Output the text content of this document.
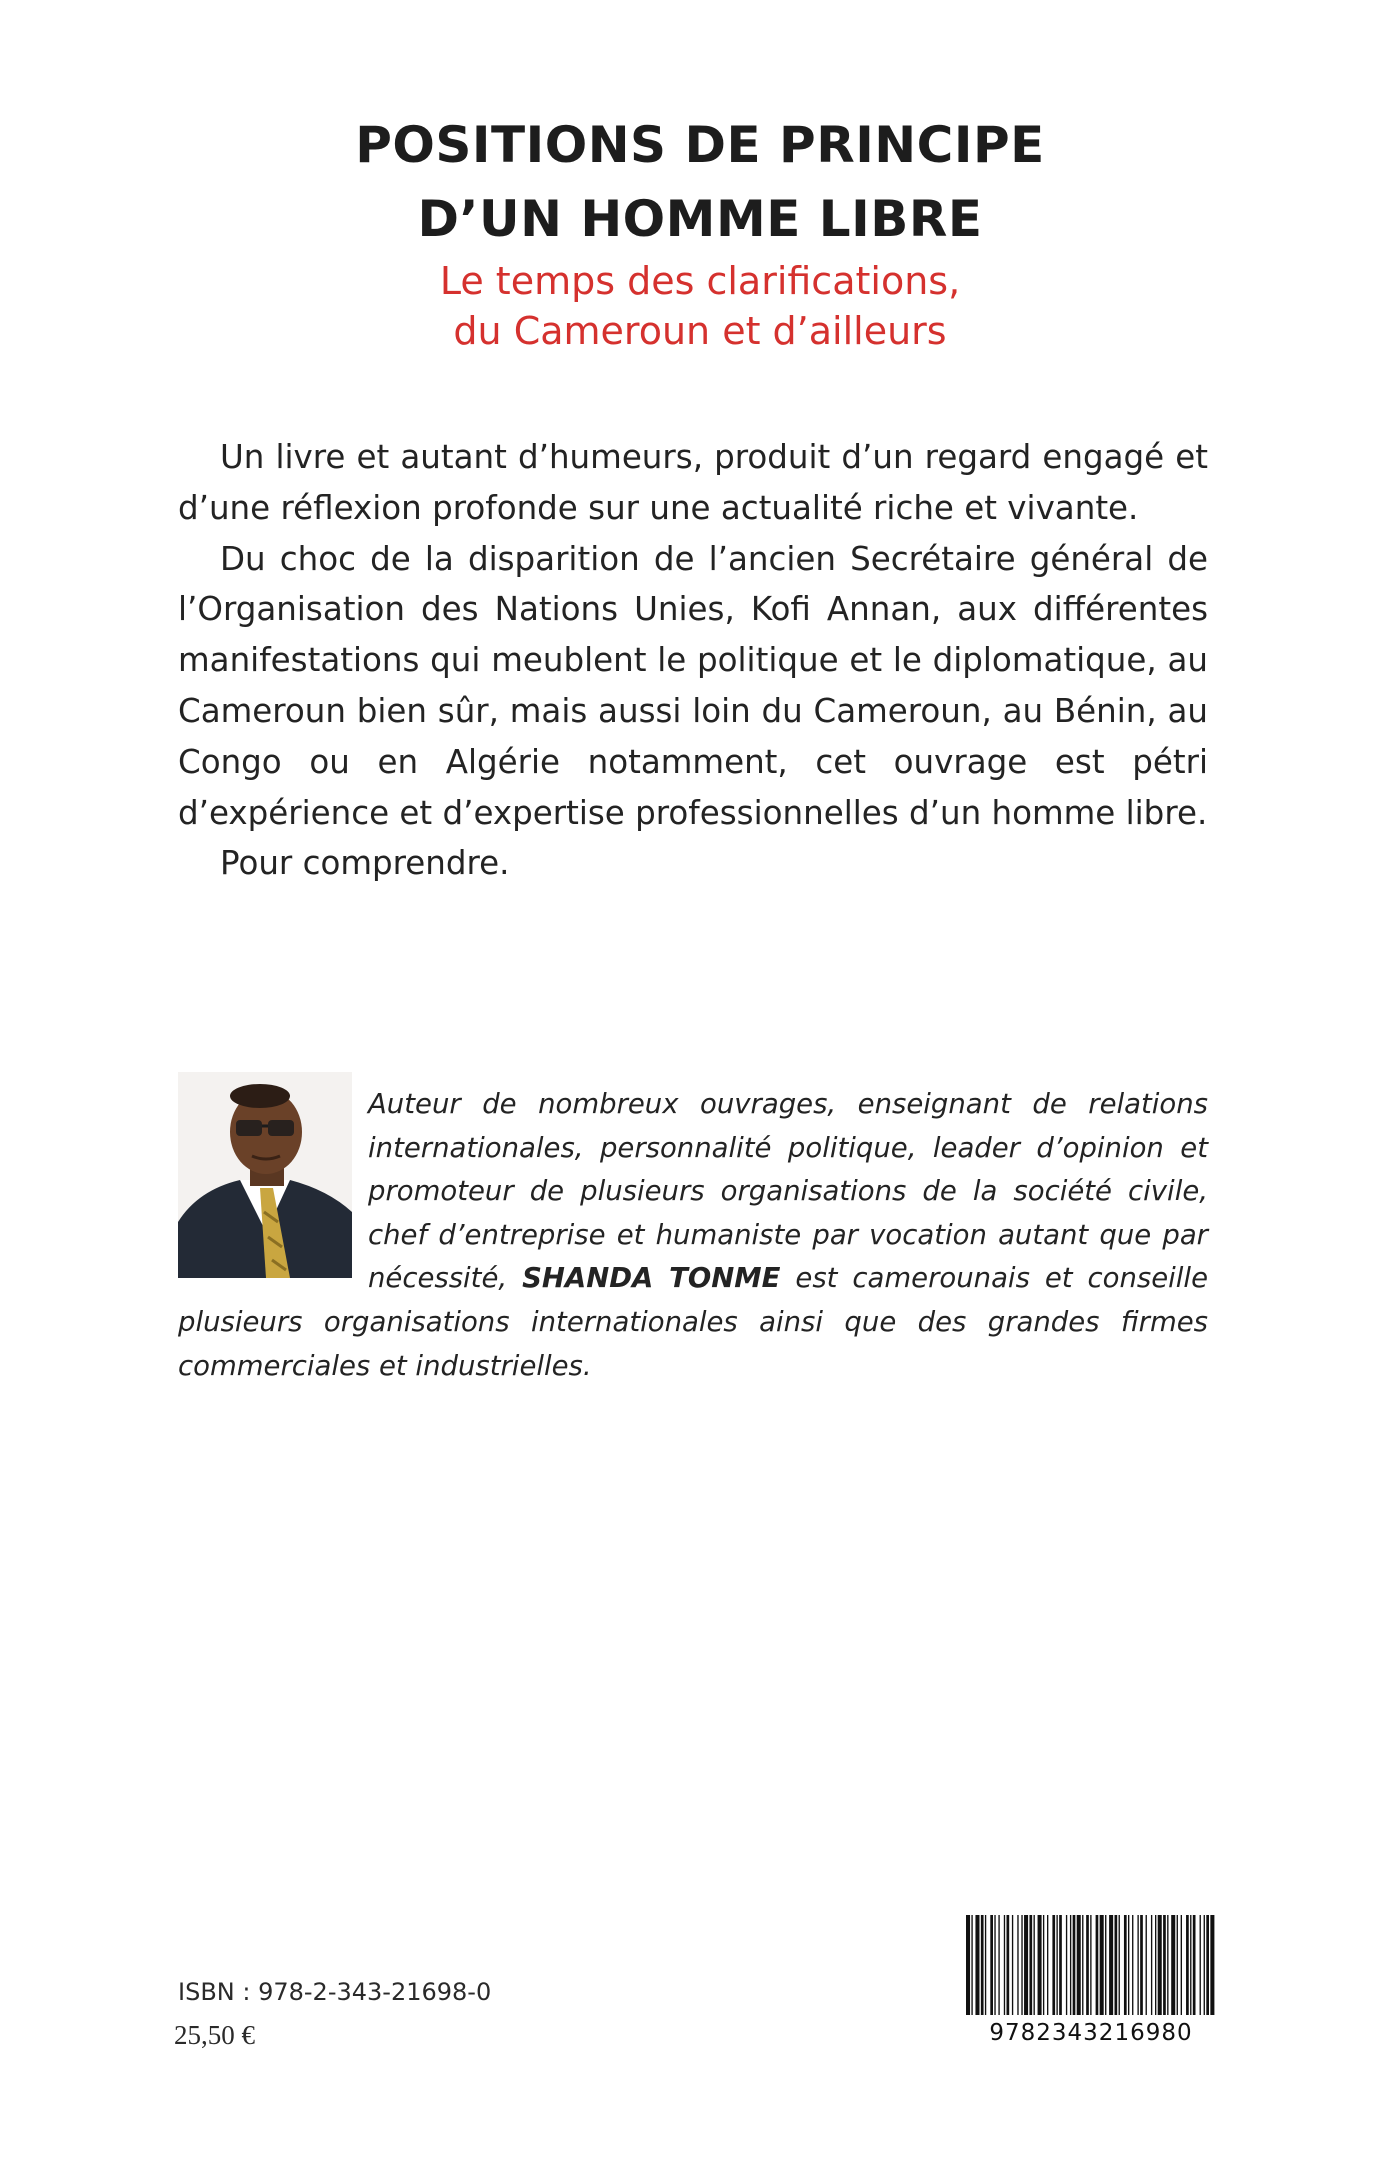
POSITIONS DE PRINCIPE
D’UN HOMME LIBRE
Le temps des clarifications,
du Cameroun et d’ailleurs

Un livre et autant d’humeurs, produit d’un regard engagé et d’une réflexion profonde sur une actualité riche et vivante.

Du choc de la disparition de l’ancien Secrétaire général de l’Organisation des Nations Unies, Kofi Annan, aux différentes manifestations qui meublent le politique et le diplomatique, au Cameroun bien sûr, mais aussi loin du Cameroun, au Bénin, au Congo ou en Algérie notamment, cet ouvrage est pétri d’expérience et d’expertise professionnelles d’un homme libre.

Pour comprendre.

Auteur de nombreux ouvrages, enseignant de relations internationales, personnalité politique, leader d’opinion et promoteur de plusieurs organisations de la société civile, chef d’entreprise et humaniste par vocation autant que par nécessité, SHANDA TONME est camerounais et conseille plusieurs organisations internationales ainsi que des grandes firmes commerciales et industrielles.
ISBN : 978-2-343-21698-0
25,50 €	9782343216980
